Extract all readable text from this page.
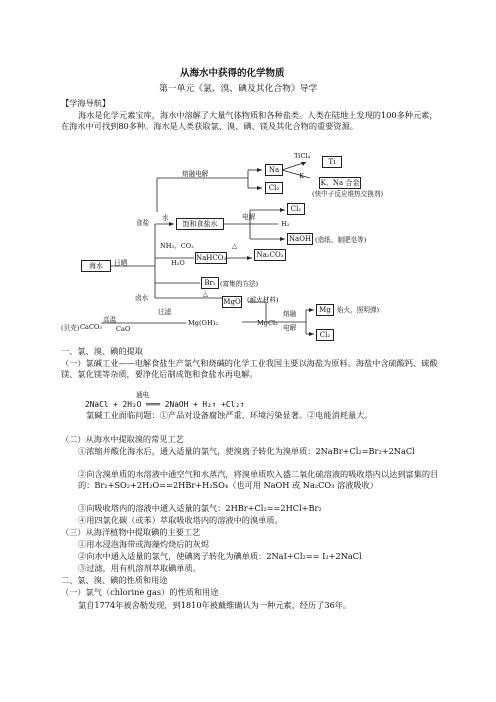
从海水中获得的化学物质
第一单元《氯、溴、碘及其化合物》导学
【学海导航】
海水是化学元素宝库，海水中溶解了大量气体物质和各种盐类。人类在陆地上发现的100多种元素，在海水中可找到80多种。海水是人类获取氯、溴、碘、镁及其化合物的重要资源。
Na
TiCl₄
Ti
Cl₂
K、Na 合金
Cl₂
饱和食盐水	H₂
NaOH
NaHCO₃	Na₂CO₃
海水
Br₂
MgO
Mg
Cl₂
熔融电解	K
(快中子反应堆热交换剂)
食盐
水	电解
(造纸、制肥皂等)
NH₃、CO₂	△
H₂O
日晒
(富集的方法)
△
卤水	(耐火材料)
过滤	熔融	焰火，照明弹)
(贝壳) CaCO₃
高温
CaO
Mg(OH)₂	MgCl₂
电解
一、氯、溴、碘的提取
（一）氯碱工业——电解食盐生产氯气和烧碱的化学工业我国主要以海盐为原料。海盐中含硫酸钙、硫酸镁、氯化镁等杂质，要净化后制成饱和食盐水再电解。
通电
2NaCl + 2H₂O ═══ 2NaOH + H₂↑ +Cl₂↑
氯碱工业面临问题：①产品对设备腐蚀严重、环境污染显著。②电能消耗量大。
（二）从海水中提取溴的常见工艺
①浓缩并酸化海水后，通入适量的氯气，使溴离子转化为溴单质：2NaBr+Cl₂=Br₂+2NaCl
②向含溴单质的水溶液中通空气和水蒸汽，将溴单质吹入盛二氧化硫溶液的吸收塔内以达到富集的目的：Br₂+SO₂+2H₂O==2HBr+H₂SO₄（也可用 NaOH 或 Na₂CO₃ 溶液吸收）
③向吸收塔内的溶液中通入适量的氯气：2HBr+Cl₂==2HCl+Br₂
④用四氯化碳（或苯）萃取吸收塔内的溶液中的溴单质。
（三）从海洋植物中提取碘的主要工艺
①用水浸泡海带或海藻灼烧后的灰烬
②向水中通入适量的氯气，使碘离子转化为碘单质：2NaI+Cl₂== I₂+2NaCl
③过滤，用有机溶剂萃取碘单质。
二、氯、溴、碘的性质和用途
（一）氯气（chlorine gas）的性质和用途
氯自1774年被舍勒发现，到1810年被戴维确认为一种元素，经历了36年。
